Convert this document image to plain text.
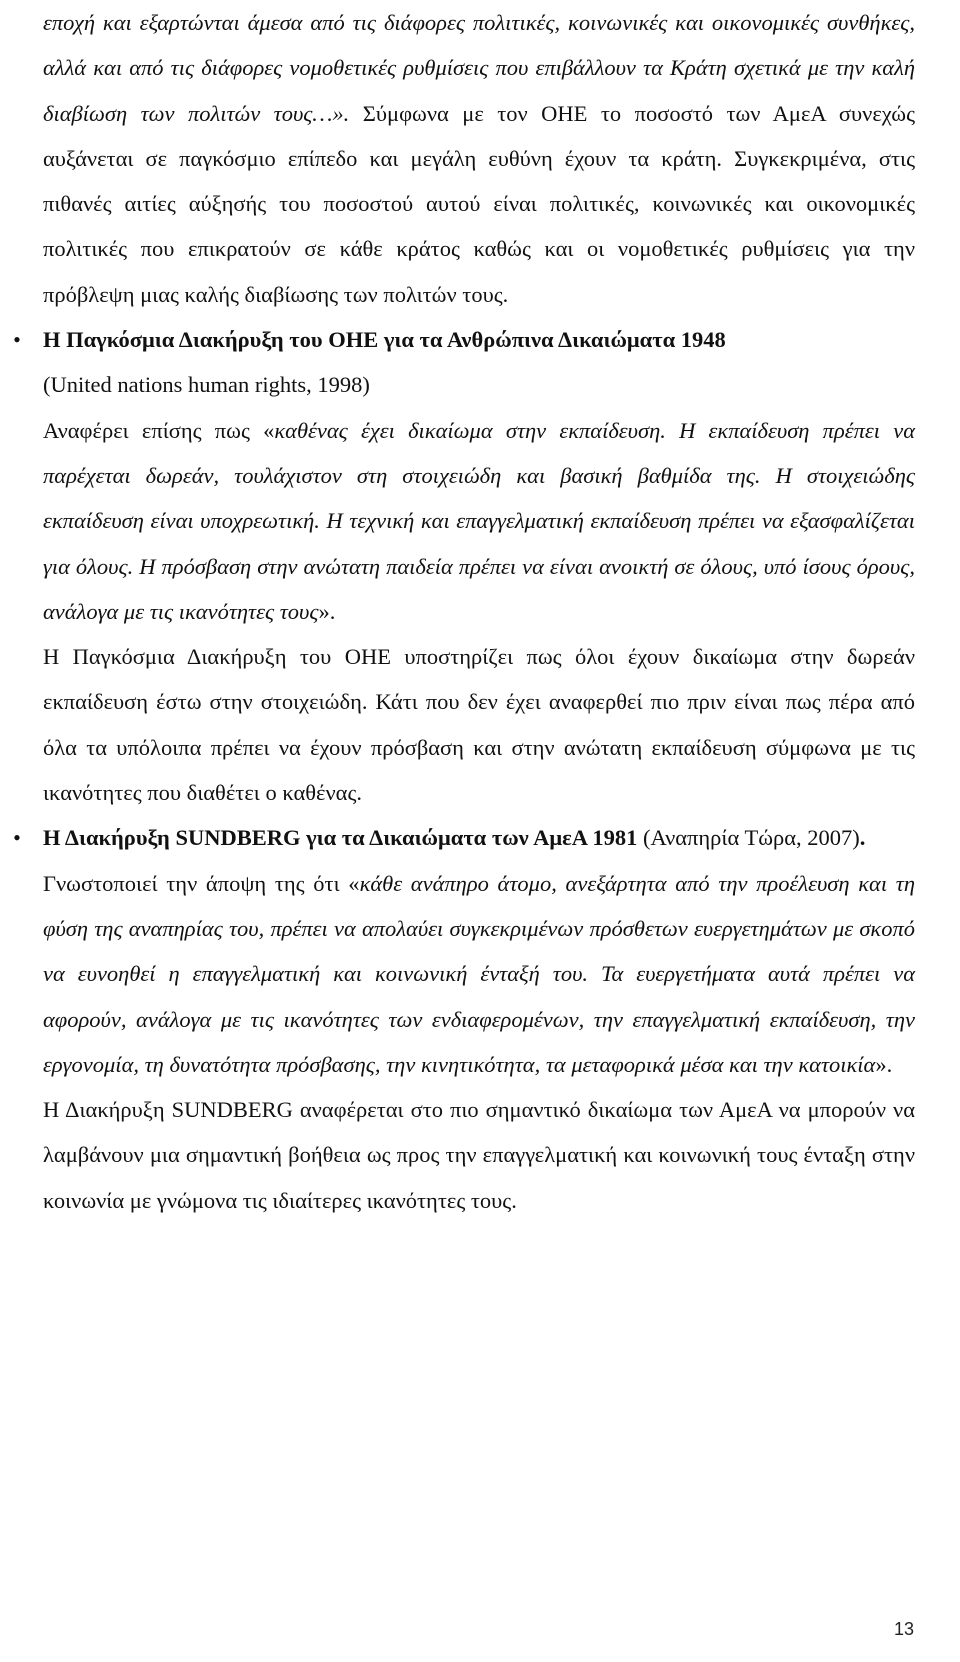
εποχή και εξαρτώνται άμεσα από τις διάφορες πολιτικές, κοινωνικές και οικονομικές συνθήκες, αλλά και από τις διάφορες νομοθετικές ρυθμίσεις που επιβάλλουν τα Κράτη σχετικά με την καλή διαβίωση των πολιτών τους…». Σύμφωνα με τον ΟΗΕ το ποσοστό των ΑμεΑ συνεχώς αυξάνεται σε παγκόσμιο επίπεδο και μεγάλη ευθύνη έχουν τα κράτη. Συγκεκριμένα, στις πιθανές αιτίες αύξησής του ποσοστού αυτού είναι πολιτικές, κοινωνικές και οικονομικές πολιτικές που επικρατούν σε κάθε κράτος καθώς και οι νομοθετικές ρυθμίσεις για την πρόβλεψη μιας καλής διαβίωσης των πολιτών τους.

• Η Παγκόσμια Διακήρυξη του ΟΗΕ για τα Ανθρώπινα Δικαιώματα 1948

(United nations human rights, 1998)

Αναφέρει επίσης πως «καθένας έχει δικαίωμα στην εκπαίδευση. Η εκπαίδευση πρέπει να παρέχεται δωρεάν, τουλάχιστον στη στοιχειώδη και βασική βαθμίδα της. Η στοιχειώδης εκπαίδευση είναι υποχρεωτική. Η τεχνική και επαγγελματική εκπαίδευση πρέπει να εξασφαλίζεται για όλους. Η πρόσβαση στην ανώτατη παιδεία πρέπει να είναι ανοικτή σε όλους, υπό ίσους όρους, ανάλογα με τις ικανότητες τους».

Η Παγκόσμια Διακήρυξη του ΟΗΕ υποστηρίζει πως όλοι έχουν δικαίωμα στην δωρεάν εκπαίδευση έστω στην στοιχειώδη. Κάτι που δεν έχει αναφερθεί πιο πριν είναι πως πέρα από όλα τα υπόλοιπα πρέπει να έχουν πρόσβαση και στην ανώτατη εκπαίδευση σύμφωνα με τις ικανότητες που διαθέτει ο καθένας.

• Η Διακήρυξη SUNDBERG για τα Δικαιώματα των ΑμεΑ 1981 (Αναπηρία Τώρα, 2007).

Γνωστοποιεί την άποψη της ότι «κάθε ανάπηρο άτομο, ανεξάρτητα από την προέλευση και τη φύση της αναπηρίας του, πρέπει να απολαύει συγκεκριμένων πρόσθετων ευεργετημάτων με σκοπό να ευνοηθεί η επαγγελματική και κοινωνική ένταξή του. Τα ευεργετήματα αυτά πρέπει να αφορούν, ανάλογα με τις ικανότητες των ενδιαφερομένων, την επαγγελματική εκπαίδευση, την εργονομία, τη δυνατότητα πρόσβασης, την κινητικότητα, τα μεταφορικά μέσα και την κατοικία».

Η Διακήρυξη SUNDBERG αναφέρεται στο πιο σημαντικό δικαίωμα των ΑμεΑ να μπορούν να λαμβάνουν μια σημαντική βοήθεια ως προς την επαγγελματική και κοινωνική τους ένταξη στην κοινωνία με γνώμονα τις ιδιαίτερες ικανότητες τους.

13
